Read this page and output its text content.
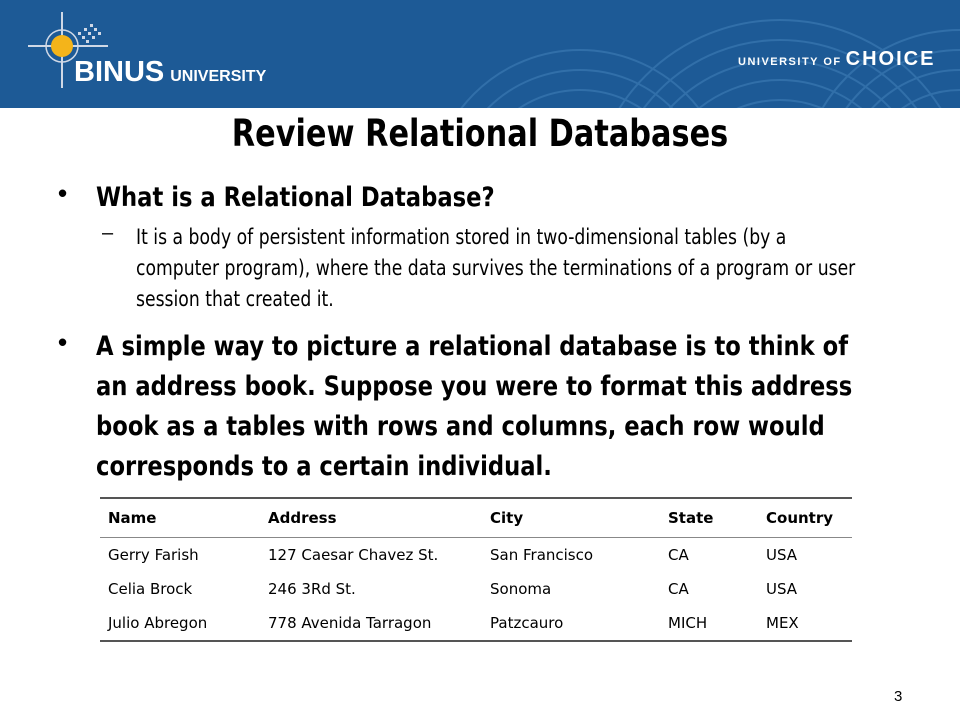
BINUS UNIVERSITY
UNIVERSITY OF CHOICE
Review Relational Databases
• What is a Relational Database?
– It is a body of persistent information stored in two-dimensional tables (by a computer program), where the data survives the terminations of a program or user session that created it.
• A simple way to picture a relational database is to think of an address book. Suppose you were to format this address book as a tables with rows and columns, each row would corresponds to a certain individual.
Name	Address	City	State	Country
Gerry Farish	127 Caesar Chavez St.	San Francisco	CA	USA
Celia Brock	246 3Rd St.	Sonoma	CA	USA
Julio Abregon	778 Avenida Tarragon	Patzcauro	MICH	MEX
3
